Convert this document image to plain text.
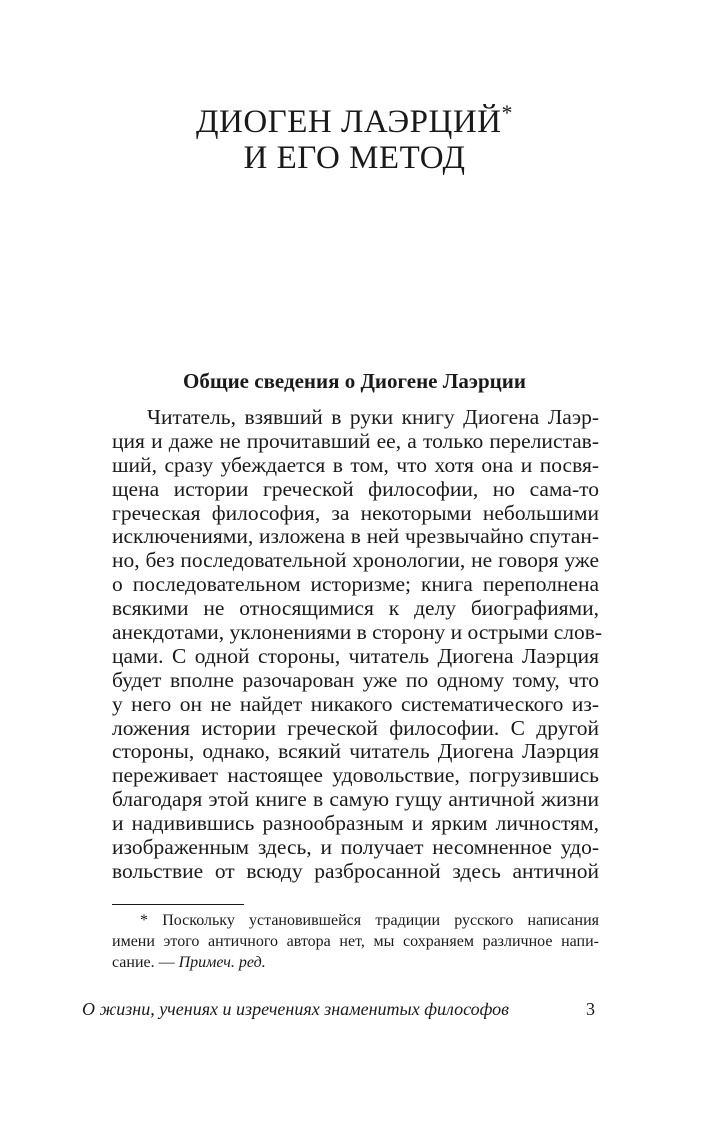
ДИОГЕН ЛАЭРЦИЙ*
И ЕГО МЕТОД
Общие сведения о Диогене Лаэрции
Читатель, взявший в руки книгу Диогена Лаэр-
ция и даже не прочитавший ее, а только перелистав-
ший, сразу убеждается в том, что хотя она и посвя-
щена истории греческой философии, но сама-то
греческая философия, за некоторыми небольшими
исключениями, изложена в ней чрезвычайно спутан-
но, без последовательной хронологии, не говоря уже
о последовательном историзме; книга переполнена
всякими не относящимися к делу биографиями,
анекдотами, уклонениями в сторону и острыми слов-
цами. С одной стороны, читатель Диогена Лаэрция
будет вполне разочарован уже по одному тому, что
у него он не найдет никакого систематического из-
ложения истории греческой философии. С другой
стороны, однако, всякий читатель Диогена Лаэрция
переживает настоящее удовольствие, погрузившись
благодаря этой книге в самую гущу античной жизни
и надивившись разнообразным и ярким личностям,
изображенным здесь, и получает несомненное удо-
вольствие от всюду разбросанной здесь античной
* Поскольку установившейся традиции русского написания
имени этого античного автора нет, мы сохраняем различное напи-
сание. — Примеч. ред.
О жизни, учениях и изречениях знаменитых философов	3
